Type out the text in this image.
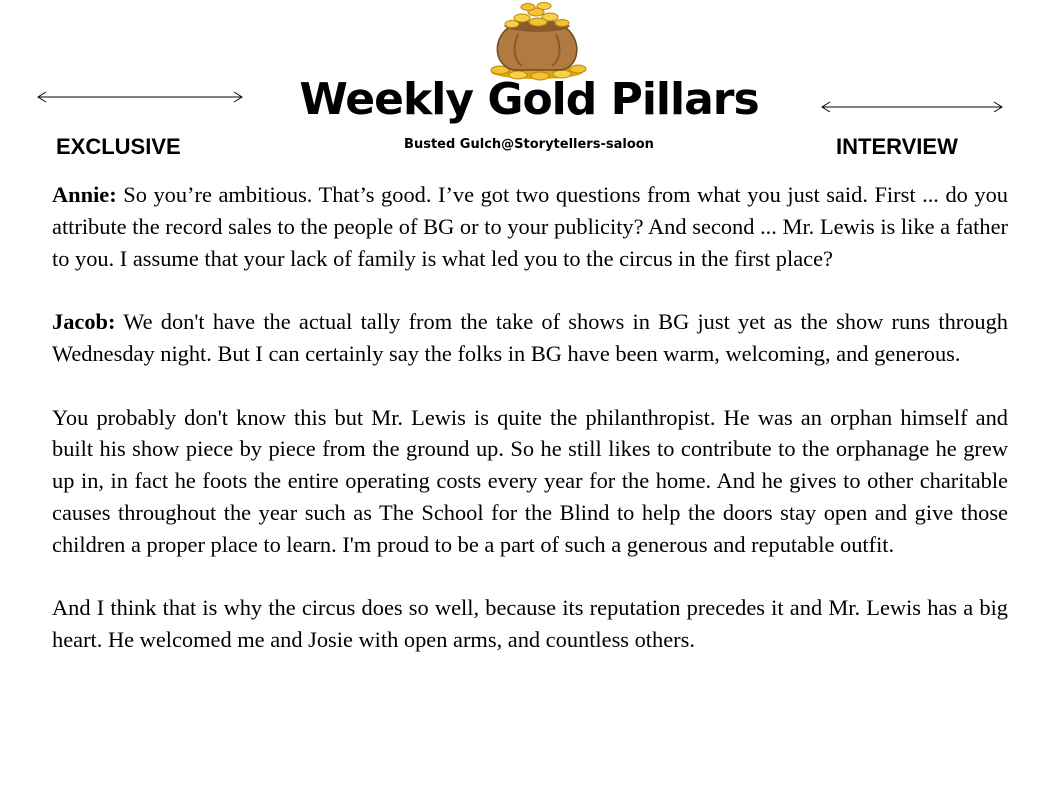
Weekly Gold Pillars
EXCLUSIVE	Busted Gulch@Storytellers-saloon	INTERVIEW

Annie: So you’re ambitious. That’s good. I’ve got two questions from what you just said. First ... do you attribute the record sales to the people of BG or to your publicity? And second ... Mr. Lewis is like a father to you. I assume that your lack of family is what led you to the circus in the first place?

Jacob: We don't have the actual tally from the take of shows in BG just yet as the show runs through Wednesday night. But I can certainly say the folks in BG have been warm, welcoming, and generous.

You probably don't know this but Mr. Lewis is quite the philanthropist. He was an orphan himself and built his show piece by piece from the ground up. So he still likes to contribute to the orphanage he grew up in, in fact he foots the entire operating costs every year for the home. And he gives to other charitable causes throughout the year such as The School for the Blind to help the doors stay open and give those children a proper place to learn. I'm proud to be a part of such a generous and reputable outfit.

And I think that is why the circus does so well, because its reputation precedes it and Mr. Lewis has a big heart. He welcomed me and Josie with open arms, and countless others.
